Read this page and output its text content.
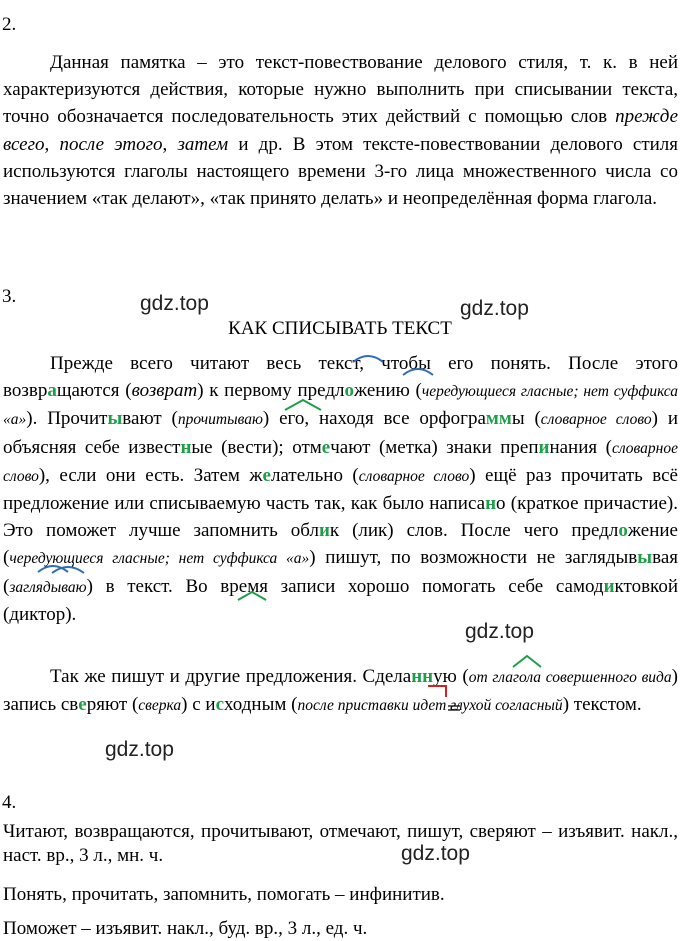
2.

Данная памятка – это текст-повествование делового стиля, т. к. в ней характеризуются действия, которые нужно выполнить при списывании текста, точно обозначается последовательность этих действий с помощью слов прежде всего, после этого, затем и др. В этом тексте-повествовании делового стиля используются глаголы настоящего времени 3-го лица множественного числа со значением «так делают», «так принято делать» и неопределённая форма глагола.

3.
КАК СПИСЫВАТЬ ТЕКСТ

Прежде всего читают весь текст, чтобы его понять. После этого возвращаются (возврат) к первому предложению (чередующиеся гласные; нет суффикса «а»). Прочитывают (прочитываю) его, находя все орфограммы (словарное слово) и объясняя себе известные (вести); отмечают (метка) знаки препинания (словарное слово), если они есть. Затем желательно (словарное слово) ещё раз прочитать всё предложение или списываемую часть так, как было написано (краткое причастие). Это поможет лучше запомнить облик (лик) слов. После чего предложение (чередующиеся гласные; нет суффикса «а») пишут, по возможности не заглядывывая (заглядываю) в текст. Во время записи хорошо помогать себе самодиктовкой (диктор).

Так же пишут и другие предложения. Сделанную (от глагола совершенного вида) запись сверяют (сверка) с исходным (после приставки идет глухой согласный) текстом.

4.
Читают, возвращаются, прочитывают, отмечают, пишут, сверяют – изъявит. накл., наст. вр., 3 л., мн. ч.
Понять, прочитать, запомнить, помогать – инфинитив.
Поможет – изъявит. накл., буд. вр., 3 л., ед. ч.
gdz.top	gdz.top
gdz.top
gdz.top
gdz.top
